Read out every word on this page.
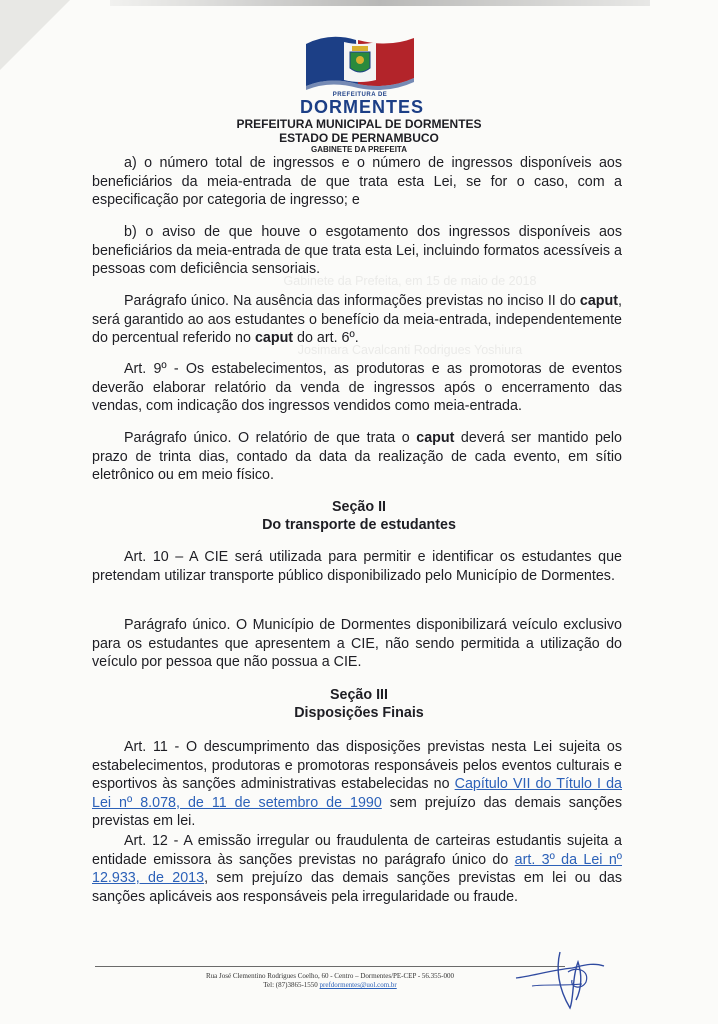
PREFEITURA DE
DORMENTES
PREFEITURA MUNICIPAL DE DORMENTES
ESTADO DE PERNAMBUCO
GABINETE DA PREFEITA
Gabinete da Prefeita, em 15 de maio de 2018
Josimara Cavalcanti Rodrigues Yoshiura

a) o número total de ingressos e o número de ingressos disponíveis aos beneficiários da meia-entrada de que trata esta Lei, se for o caso, com a especificação por categoria de ingresso; e

b) o aviso de que houve o esgotamento dos ingressos disponíveis aos beneficiários da meia-entrada de que trata esta Lei, incluindo formatos acessíveis a pessoas com deficiência sensoriais.

Parágrafo único. Na ausência das informações previstas no inciso II do caput, será garantido ao aos estudantes o benefício da meia-entrada, independentemente do percentual referido no caput do art. 6º.

Art. 9º - Os estabelecimentos, as produtoras e as promotoras de eventos deverão elaborar relatório da venda de ingressos após o encerramento das vendas, com indicação dos ingressos vendidos como meia-entrada.

Parágrafo único. O relatório de que trata o caput deverá ser mantido pelo prazo de trinta dias, contado da data da realização de cada evento, em sítio eletrônico ou em meio físico.

Seção II
Do transporte de estudantes

Art. 10 – A CIE será utilizada para permitir e identificar os estudantes que pretendam utilizar transporte público disponibilizado pelo Município de Dormentes.

Parágrafo único. O Município de Dormentes disponibilizará veículo exclusivo para os estudantes que apresentem a CIE, não sendo permitida a utilização do veículo por pessoa que não possua a CIE.

Seção III
Disposições Finais

Art. 11 - O descumprimento das disposições previstas nesta Lei sujeita os estabelecimentos, produtoras e promotoras responsáveis pelos eventos culturais e esportivos às sanções administrativas estabelecidas no Capítulo VII do Título I da Lei nº 8.078, de 11 de setembro de 1990 sem prejuízo das demais sanções previstas em lei.

Art. 12 - A emissão irregular ou fraudulenta de carteiras estudantis sujeita a entidade emissora às sanções previstas no parágrafo único do art. 3º da Lei nº 12.933, de 2013, sem prejuízo das demais sanções previstas em lei ou das sanções aplicáveis aos responsáveis pela irregularidade ou fraude.

Rua José Clementino Rodrigues Coelho, 60 - Centro – Dormentes/PE-CEP - 56.355-000
Tel: (87)3865-1550 prefdormentes@uol.com.br
